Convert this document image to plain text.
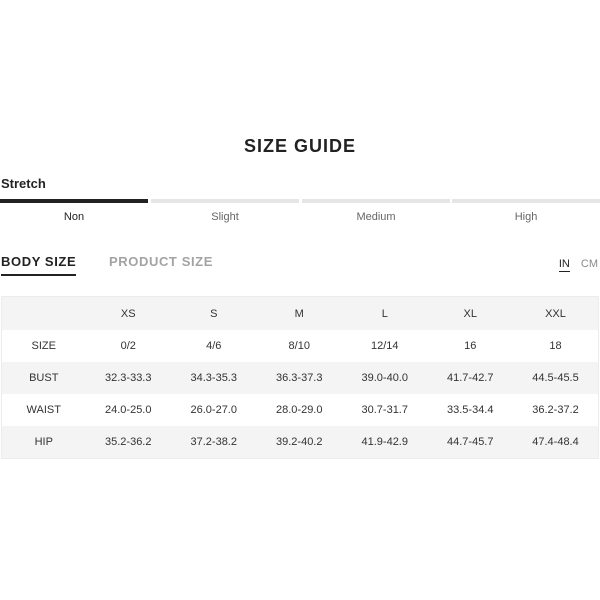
SIZE GUIDE
Stretch
Non	Slight	Medium	High
BODY SIZE	PRODUCT SIZE	IN CM
	XS	S	M	L	XL	XXL
SIZE	0/2	4/6	8/10	12/14	16	18
BUST	32.3-33.3	34.3-35.3	36.3-37.3	39.0-40.0	41.7-42.7	44.5-45.5
WAIST	24.0-25.0	26.0-27.0	28.0-29.0	30.7-31.7	33.5-34.4	36.2-37.2
HIP	35.2-36.2	37.2-38.2	39.2-40.2	41.9-42.9	44.7-45.7	47.4-48.4
